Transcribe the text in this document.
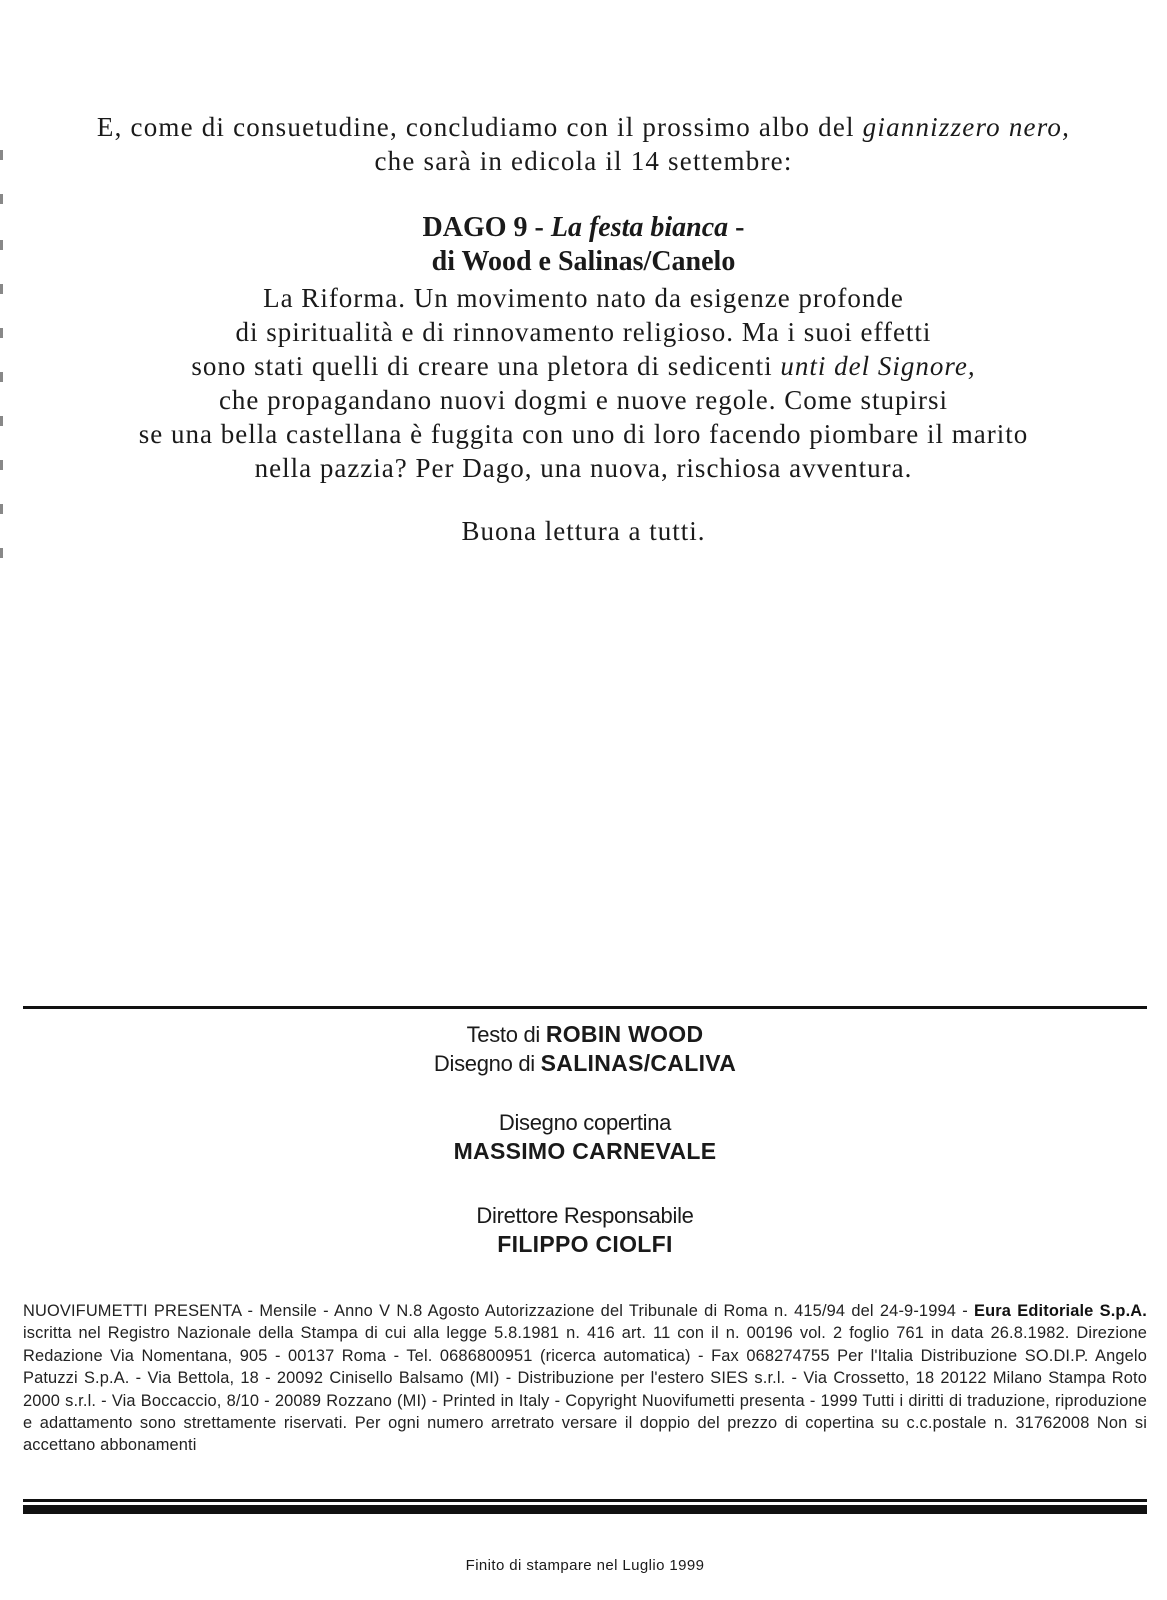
E, come di consuetudine, concludiamo con il prossimo albo del giannizzero nero,
che sarà in edicola il 14 settembre:
DAGO 9 - La festa bianca -
di Wood e Salinas/Canelo
La Riforma. Un movimento nato da esigenze profonde
di spiritualità e di rinnovamento religioso. Ma i suoi effetti
sono stati quelli di creare una pletora di sedicenti unti del Signore,
che propagandano nuovi dogmi e nuove regole. Come stupirsi
se una bella castellana è fuggita con uno di loro facendo piombare il marito
nella pazzia? Per Dago, una nuova, rischiosa avventura.
Buona lettura a tutti.
Testo di ROBIN WOOD
Disegno di SALINAS/CALIVA
Disegno copertina
MASSIMO CARNEVALE
Direttore Responsabile
FILIPPO CIOLFI
NUOVIFUMETTI PRESENTA - Mensile - Anno V N.8 Agosto Autorizzazione del Tribunale di Roma n. 415/94 del 24-9-1994 - Eura Editoriale S.p.A. iscritta nel Registro Nazionale della Stampa di cui alla legge 5.8.1981 n. 416 art. 11 con il n. 00196 vol. 2 foglio 761 in data 26.8.1982. Direzione Redazione Via Nomentana, 905 - 00137 Roma - Tel. 0686800951 (ricerca automatica) - Fax 068274755 Per l'Italia Distribuzione SO.DI.P. Angelo Patuzzi S.p.A. - Via Bettola, 18 - 20092 Cinisello Balsamo (MI) - Distribuzione per l'estero SIES s.r.l. - Via Crossetto, 18 20122 Milano Stampa Roto 2000 s.r.l. - Via Boccaccio, 8/10 - 20089 Rozzano (MI) - Printed in Italy - Copyright Nuovifumetti presenta - 1999 Tutti i diritti di traduzione, riproduzione e adattamento sono strettamente riservati. Per ogni numero arretrato versare il doppio del prezzo di copertina su c.c.postale n. 31762008 Non si accettano abbonamenti
Finito di stampare nel Luglio 1999
